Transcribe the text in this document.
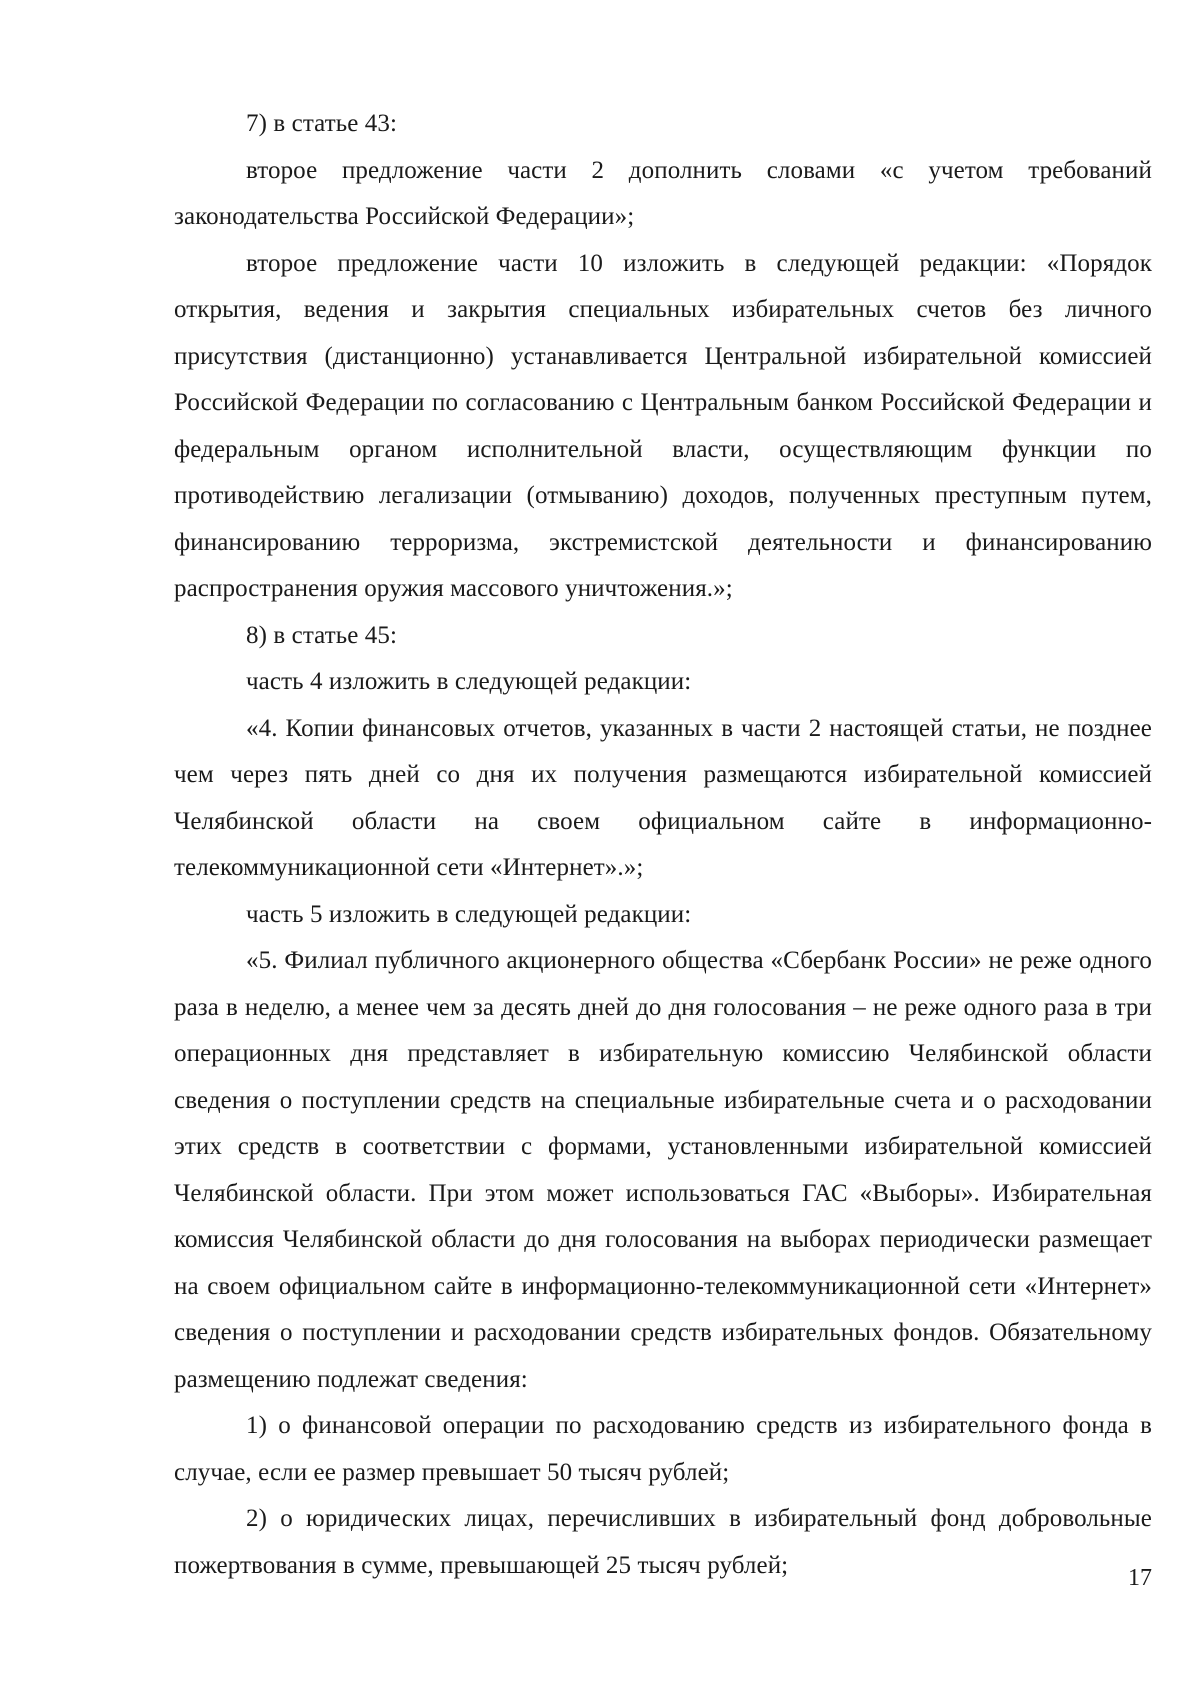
7) в статье 43:

второе предложение части 2 дополнить словами «с учетом требований законодательства Российской Федерации»;

второе предложение части 10 изложить в следующей редакции: «Порядок открытия, ведения и закрытия специальных избирательных счетов без личного присутствия (дистанционно) устанавливается Центральной избирательной комиссией Российской Федерации по согласованию с Центральным банком Российской Федерации и федеральным органом исполнительной власти, осуществляющим функции по противодействию легализации (отмыванию) доходов, полученных преступным путем, финансированию терроризма, экстремистской деятельности и финансированию распространения оружия массового уничтожения.»;

8) в статье 45:

часть 4 изложить в следующей редакции:

«4. Копии финансовых отчетов, указанных в части 2 настоящей статьи, не позднее чем через пять дней со дня их получения размещаются избирательной комиссией Челябинской области на своем официальном сайте в информационно-телекоммуникационной сети «Интернет».»;

часть 5 изложить в следующей редакции:

«5. Филиал публичного акционерного общества «Сбербанк России» не реже одного раза в неделю, а менее чем за десять дней до дня голосования – не реже одного раза в три операционных дня представляет в избирательную комиссию Челябинской области сведения о поступлении средств на специальные избирательные счета и о расходовании этих средств в соответствии с формами, установленными избирательной комиссией Челябинской области. При этом может использоваться ГАС «Выборы». Избирательная комиссия Челябинской области до дня голосования на выборах периодически размещает на своем официальном сайте в информационно-телекоммуникационной сети «Интернет» сведения о поступлении и расходовании средств избирательных фондов. Обязательному размещению подлежат сведения:

1) о финансовой операции по расходованию средств из избирательного фонда в случае, если ее размер превышает 50 тысяч рублей;

2) о юридических лицах, перечисливших в избирательный фонд добровольные пожертвования в сумме, превышающей 25 тысяч рублей;	17
